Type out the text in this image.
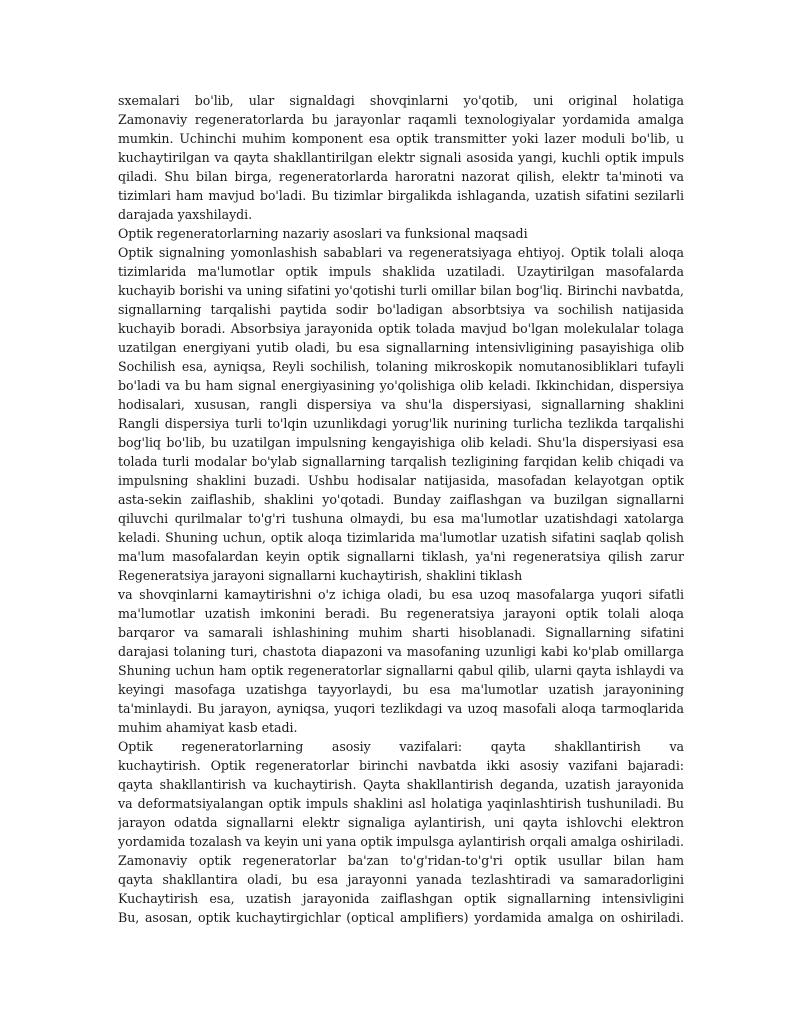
sxemalari bo'lib, ular signaldagi shovqinlarni yo'qotib, uni original holatiga
Zamonaviy regeneratorlarda bu jarayonlar raqamli texnologiyalar yordamida amalga
mumkin. Uchinchi muhim komponent esa optik transmitter yoki lazer moduli bo'lib, u
kuchaytirilgan va qayta shakllantirilgan elektr signali asosida yangi, kuchli optik impuls
qiladi. Shu bilan birga, regeneratorlarda haroratni nazorat qilish, elektr ta'minoti va
tizimlari ham mavjud bo'ladi. Bu tizimlar birgalikda ishlaganda, uzatish sifatini sezilarli
darajada yaxshilaydi.
Optik regeneratorlarning nazariy asoslari va funksional maqsadi
Optik signalning yomonlashish sabablari va regeneratsiyaga ehtiyoj. Optik tolali aloqa
tizimlarida ma'lumotlar optik impuls shaklida uzatiladi. Uzaytirilgan masofalarda
kuchayib borishi va uning sifatini yo'qotishi turli omillar bilan bog'liq. Birinchi navbatda,
signallarning tarqalishi paytida sodir bo'ladigan absorbtsiya va sochilish natijasida
kuchayib boradi. Absorbsiya jarayonida optik tolada mavjud bo'lgan molekulalar tolaga
uzatilgan energiyani yutib oladi, bu esa signallarning intensivligining pasayishiga olib
Sochilish esa, ayniqsa, Reyli sochilish, tolaning mikroskopik nomutanosibliklari tufayli
bo'ladi va bu ham signal energiyasining yo'qolishiga olib keladi. Ikkinchidan, dispersiya
hodisalari, xususan, rangli dispersiya va shu'la dispersiyasi, signallarning shaklini
Rangli dispersiya turli to'lqin uzunlikdagi yorug'lik nurining turlicha tezlikda tarqalishi
bog'liq bo'lib, bu uzatilgan impulsning kengayishiga olib keladi. Shu'la dispersiyasi esa
tolada turli modalar bo'ylab signallarning tarqalish tezligining farqidan kelib chiqadi va
impulsning shaklini buzadi. Ushbu hodisalar natijasida, masofadan kelayotgan optik
asta-sekin zaiflashib, shaklini yo'qotadi. Bunday zaiflashgan va buzilgan signallarni
qiluvchi qurilmalar to'g'ri tushuna olmaydi, bu esa ma'lumotlar uzatishdagi xatolarga
keladi. Shuning uchun, optik aloqa tizimlarida ma'lumotlar uzatish sifatini saqlab qolish
ma'lum masofalardan keyin optik signallarni tiklash, ya'ni regeneratsiya qilish zarur
Regeneratsiya jarayoni signallarni kuchaytirish, shaklini tiklash
va shovqinlarni kamaytirishni o'z ichiga oladi, bu esa uzoq masofalarga yuqori sifatli
ma'lumotlar uzatish imkonini beradi. Bu regeneratsiya jarayoni optik tolali aloqa
barqaror va samarali ishlashining muhim sharti hisoblanadi. Signallarning sifatini
darajasi tolaning turi, chastota diapazoni va masofaning uzunligi kabi ko'plab omillarga
Shuning uchun ham optik regeneratorlar signallarni qabul qilib, ularni qayta ishlaydi va
keyingi masofaga uzatishga tayyorlaydi, bu esa ma'lumotlar uzatish jarayonining
ta'minlaydi. Bu jarayon, ayniqsa, yuqori tezlikdagi va uzoq masofali aloqa tarmoqlarida
muhim ahamiyat kasb etadi.
Optik regeneratorlarning asosiy vazifalari: qayta shakllantirish va
kuchaytirish. Optik regeneratorlar birinchi navbatda ikki asosiy vazifani bajaradi:
qayta shakllantirish va kuchaytirish. Qayta shakllantirish deganda, uzatish jarayonida
va deformatsiyalangan optik impuls shaklini asl holatiga yaqinlashtirish tushuniladi. Bu
jarayon odatda signallarni elektr signaliga aylantirish, uni qayta ishlovchi elektron
yordamida tozalash va keyin uni yana optik impulsga aylantirish orqali amalga oshiriladi.
Zamonaviy optik regeneratorlar ba'zan to'g'ridan-to'g'ri optik usullar bilan ham
qayta shakllantira oladi, bu esa jarayonni yanada tezlashtiradi va samaradorligini
Kuchaytirish esa, uzatish jarayonida zaiflashgan optik signallarning intensivligini
Bu, asosan, optik kuchaytirgichlar (optical amplifiers) yordamida amalga on oshiriladi.
